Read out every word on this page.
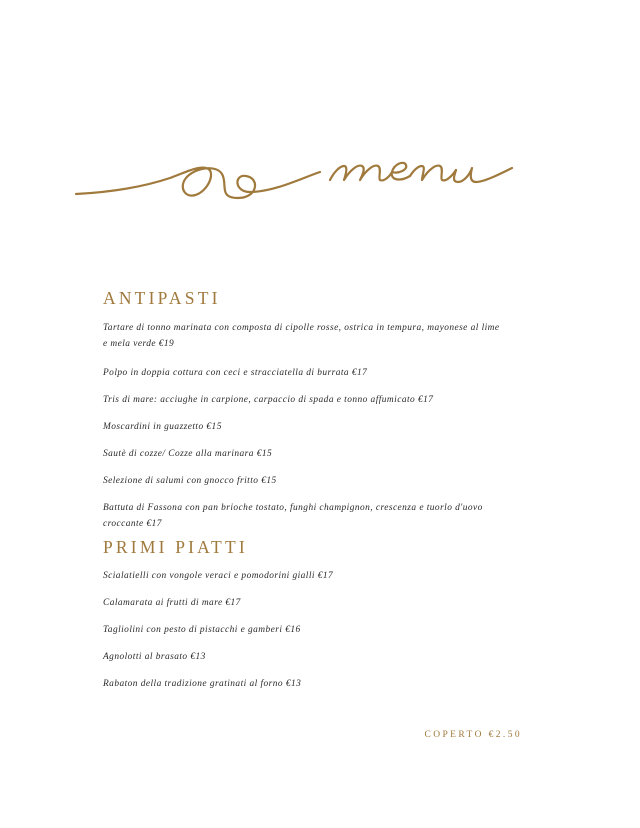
ANTIPASTI
Tartare di tonno marinata con composta di cipolle rosse, ostrica in tempura, mayonese al lime e mela verde €19
Polpo in doppia cottura con ceci e stracciatella di burrata €17
Tris di mare: acciughe in carpione, carpaccio di spada e tonno affumicato €17
Moscardini in guazzetto €15
Sautè di cozze/ Cozze alla marinara €15
Selezione di salumi con gnocco fritto €15
Battuta di Fassona con pan brioche tostato, funghi champignon, crescenza e tuorlo d'uovo croccante €17
PRIMI PIATTI
Scialatielli con vongole veraci e pomodorini gialli €17
Calamarata ai frutti di mare €17
Tagliolini con pesto di pistacchi e gamberi €16
Agnolotti al brasato €13
Rabaton della tradizione gratinati al forno €13
COPERTO €2.50
